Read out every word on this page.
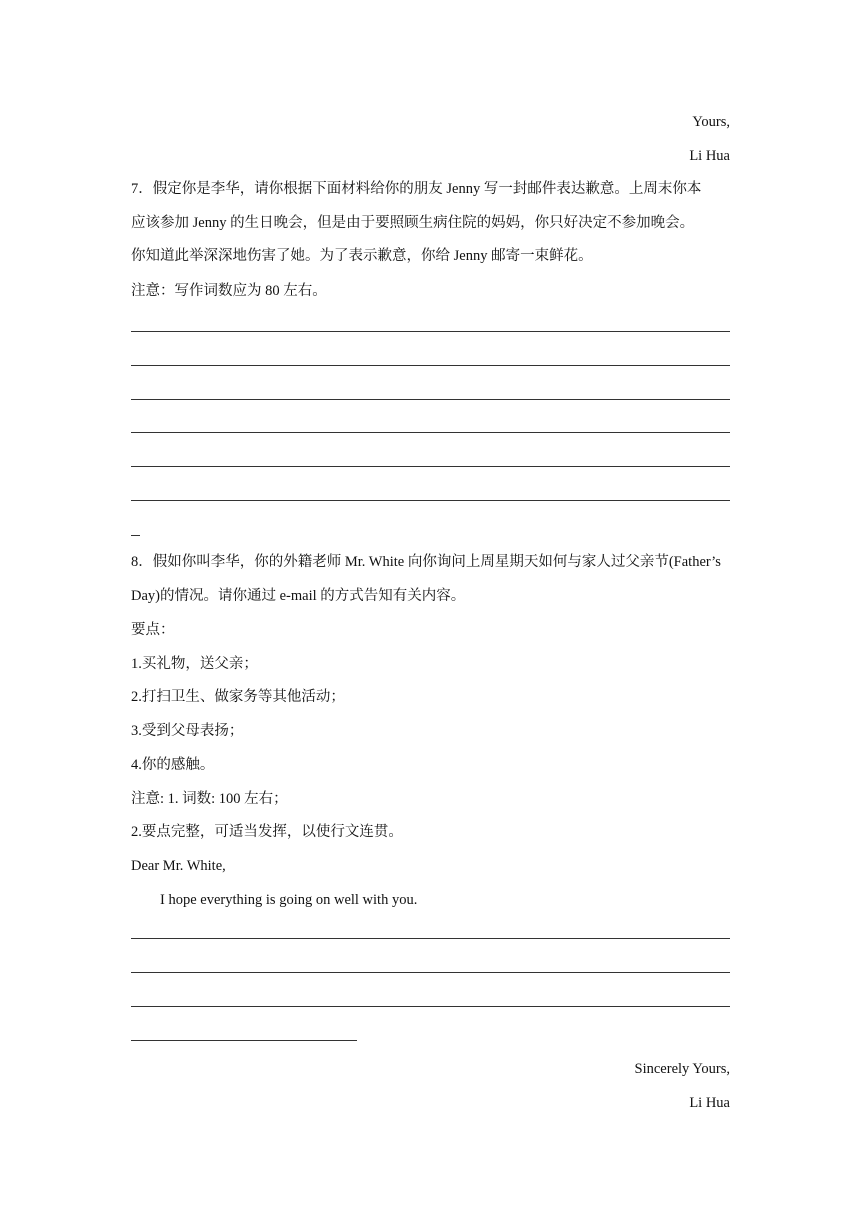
Yours,
Li Hua
7．假定你是李华，请你根据下面材料给你的朋友 Jenny 写一封邮件表达歉意。上周末你本
应该参加 Jenny 的生日晚会，但是由于要照顾生病住院的妈妈，你只好决定不参加晚会。
你知道此举深深地伤害了她。为了表示歉意，你给 Jenny 邮寄一束鲜花。
注意：写作词数应为 80 左右。
8．假如你叫李华，你的外籍老师 Mr. White 向你询问上周星期天如何与家人过父亲节(Father’s
Day)的情况。请你通过 e-mail 的方式告知有关内容。
要点：
1.买礼物，送父亲；
2.打扫卫生、做家务等其他活动；
3.受到父母表扬；
4.你的感触。
注意: 1. 词数: 100 左右；
2.要点完整，可适当发挥，以使行文连贯。
Dear Mr. White,
I hope everything is going on well with you.
Sincerely Yours,
Li Hua
